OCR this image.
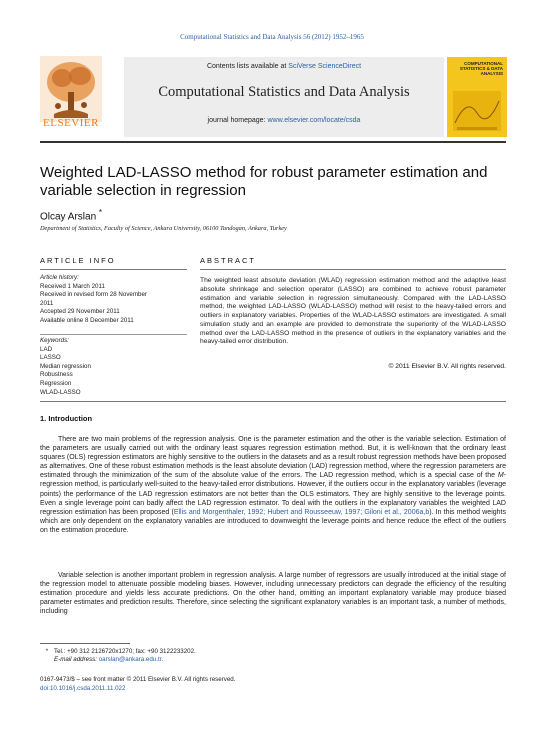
Computational Statistics and Data Analysis 56 (2012) 1952–1965
Contents lists available at SciVerse ScienceDirect
Computational Statistics and Data Analysis
journal homepage: www.elsevier.com/locate/csda
ELSEVIER
COMPUTATIONAL STATISTICS & DATA ANALYSIS
Weighted LAD-LASSO method for robust parameter estimation and variable selection in regression
Olcay Arslan *
Department of Statistics, Faculty of Science, Ankara University, 06100 Tandogan, Ankara, Turkey
ARTICLE INFO	ABSTRACT
Article history:
Received 1 March 2011
Received in revised form 28 November
2011
Accepted 29 November 2011
Available online 8 December 2011
Keywords:
LAD
LASSO
Median regression
Robustness
Regression
WLAD-LASSO
The weighted least absolute deviation (WLAD) regression estimation method and the adaptive least absolute shrinkage and selection operator (LASSO) are combined to achieve robust parameter estimation and variable selection in regression simultaneously. Compared with the LAD-LASSO method, the weighted LAD-LASSO (WLAD-LASSO) method will resist to the heavy-tailed errors and outliers in explanatory variables. Properties of the WLAD-LASSO estimators are investigated. A small simulation study and an example are provided to demonstrate the superiority of the WLAD-LASSO method over the LAD-LASSO method in the presence of outliers in the explanatory variables and the heavy-tailed error distribution.
© 2011 Elsevier B.V. All rights reserved.
1. Introduction
There are two main problems of the regression analysis. One is the parameter estimation and the other is the variable selection. Estimation of the parameters are usually carried out with the ordinary least squares regression estimation method. But, it is well-known that the ordinary least squares (OLS) regression estimators are highly sensitive to the outliers in the datasets and as a result robust regression methods have been proposed as alternatives. One of these robust estimation methods is the least absolute deviation (LAD) regression method, where the regression parameters are estimated through the minimization of the sum of the absolute value of the errors. The LAD regression method, which is a special case of the M-regression method, is particularly well-suited to the heavy-tailed error distributions. However, if the outliers occur in the explanatory variables (leverage points) the performance of the LAD regression estimators are not better than the OLS estimators. They are highly sensitive to the leverage points. Even a single leverage point can badly affect the LAD regression estimator. To deal with the outliers in the explanatory variables the weighted LAD regression estimation has been proposed (Ellis and Morgenthaler, 1992; Hubert and Rousseeuw, 1997; Giloni et al., 2006a,b). In this method weights which are only dependent on the explanatory variables are introduced to downweight the leverage points and hence reduce the effect of the outliers on the estimation procedure.
Variable selection is another important problem in regression analysis. A large number of regressors are usually introduced at the initial stage of the regression model to attenuate possible modeling biases. However, including unnecessary predictors can degrade the efficiency of the resulting estimation procedure and yields less accurate predictions. On the other hand, omitting an important explanatory variable may produce biased parameter estimates and prediction results. Therefore, since selecting the significant explanatory variables is an important task, a number of methods, including
* Tel.: +90 312 2126720x1270; fax: +90 3122233202.
E-mail address: oarslan@ankara.edu.tr.
0167-9473/$ – see front matter © 2011 Elsevier B.V. All rights reserved.
doi:10.1016/j.csda.2011.11.022
